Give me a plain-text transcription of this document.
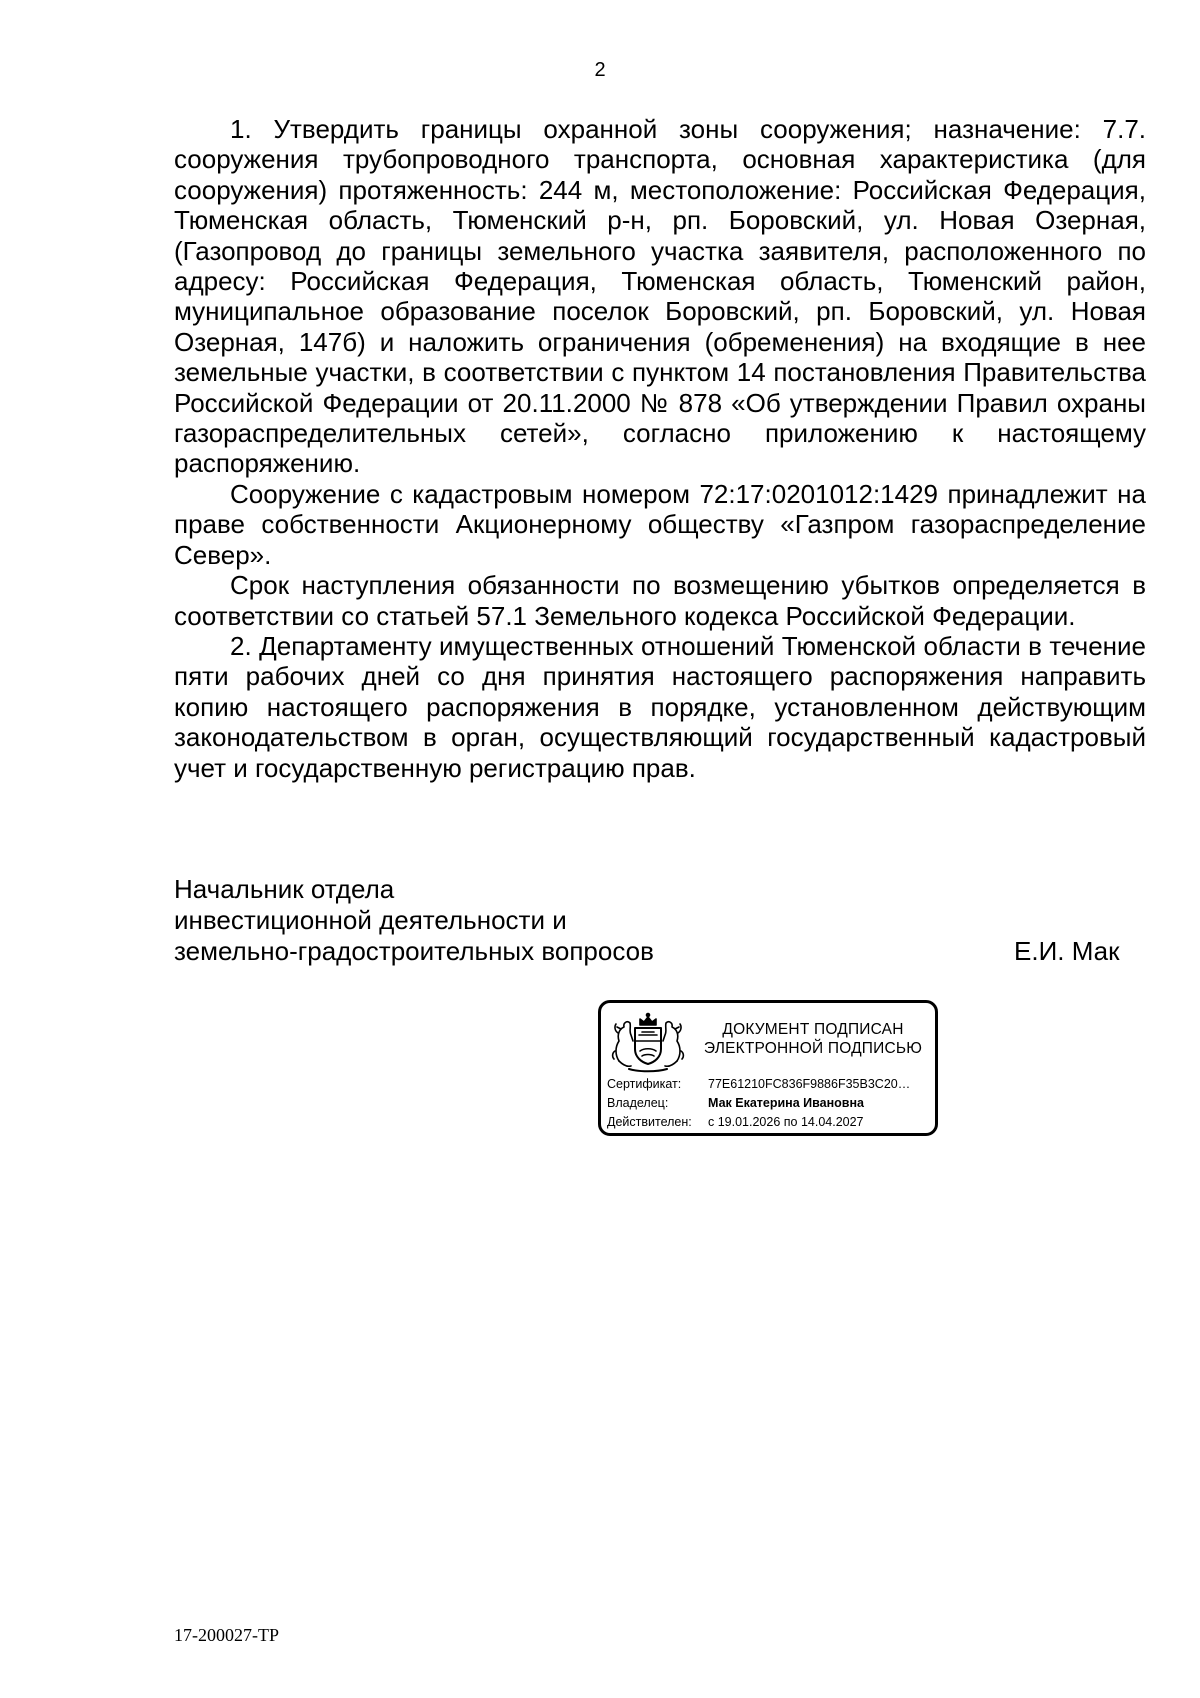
2

1. Утвердить границы охранной зоны сооружения; назначение: 7.7. сооружения трубопроводного транспорта, основная характеристика (для сооружения) протяженность: 244 м, местоположение: Российская Федерация, Тюменская область, Тюменский р-н, рп. Боровский, ул. Новая Озерная, (Газопровод до границы земельного участка заявителя, расположенного по адресу: Российская Федерация, Тюменская область, Тюменский район, муниципальное образование поселок Боровский, рп. Боровский, ул. Новая Озерная, 147б) и наложить ограничения (обременения) на входящие в нее земельные участки, в соответствии с пунктом 14 постановления Правительства Российской Федерации от 20.11.2000 № 878 «Об утверждении Правил охраны газораспределительных сетей», согласно приложению к настоящему распоряжению.

Сооружение с кадастровым номером 72:17:0201012:1429 принадлежит на праве собственности Акционерному обществу «Газпром газораспределение Север».

Срок наступления обязанности по возмещению убытков определяется в соответствии со статьей 57.1 Земельного кодекса Российской Федерации.

2. Департаменту имущественных отношений Тюменской области в течение пяти рабочих дней со дня принятия настоящего распоряжения направить копию настоящего распоряжения в порядке, установленном действующим законодательством в орган, осуществляющий государственный кадастровый учет и государственную регистрацию прав.

Начальник отдела
инвестиционной деятельности и
земельно-градостроительных вопросов	Е.И. Мак
ДОКУМЕНТ ПОДПИСАН
ЭЛЕКТРОННОЙ ПОДПИСЬЮ
Сертификат:	77E61210FC836F9886F35B3C20…
Владелец:	Мак Екатерина Ивановна
Действителен:	с 19.01.2026 по 14.04.2027
17-200027-ТР
